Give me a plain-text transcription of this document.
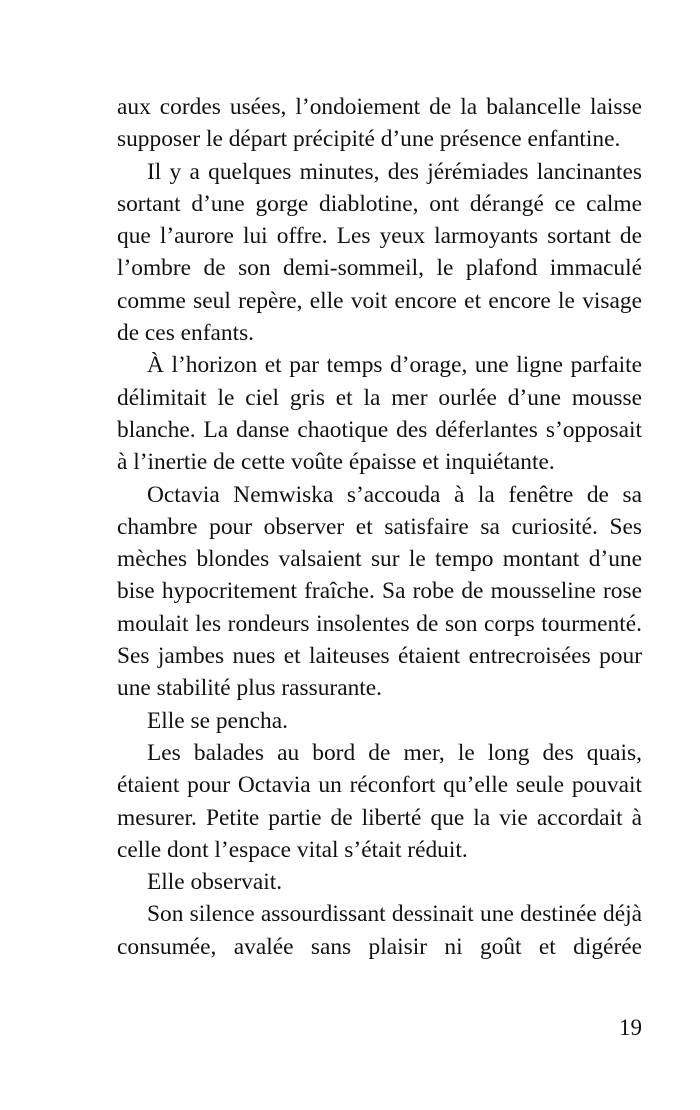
aux cordes usées, l’ondoiement de la balancelle laisse supposer le départ précipité d’une présence enfantine.

Il y a quelques minutes, des jérémiades lancinantes sortant d’une gorge diablotine, ont dérangé ce calme que l’aurore lui offre. Les yeux larmoyants sortant de l’ombre de son demi-sommeil, le plafond immaculé comme seul repère, elle voit encore et encore le visage de ces enfants.

À l’horizon et par temps d’orage, une ligne parfaite délimitait le ciel gris et la mer ourlée d’une mousse blanche. La danse chaotique des déferlantes s’opposait à l’inertie de cette voûte épaisse et inquiétante.

Octavia Nemwiska s’accouda à la fenêtre de sa chambre pour observer et satisfaire sa curiosité. Ses mèches blondes valsaient sur le tempo montant d’une bise hypocritement fraîche. Sa robe de mousseline rose moulait les rondeurs insolentes de son corps tourmenté. Ses jambes nues et laiteuses étaient entrecroisées pour une stabilité plus rassurante.

Elle se pencha.

Les balades au bord de mer, le long des quais, étaient pour Octavia un réconfort qu’elle seule pouvait mesurer. Petite partie de liberté que la vie accordait à celle dont l’espace vital s’était réduit.

Elle observait.

Son silence assourdissant dessinait une destinée déjà consumée, avalée sans plaisir ni goût et digérée

19
